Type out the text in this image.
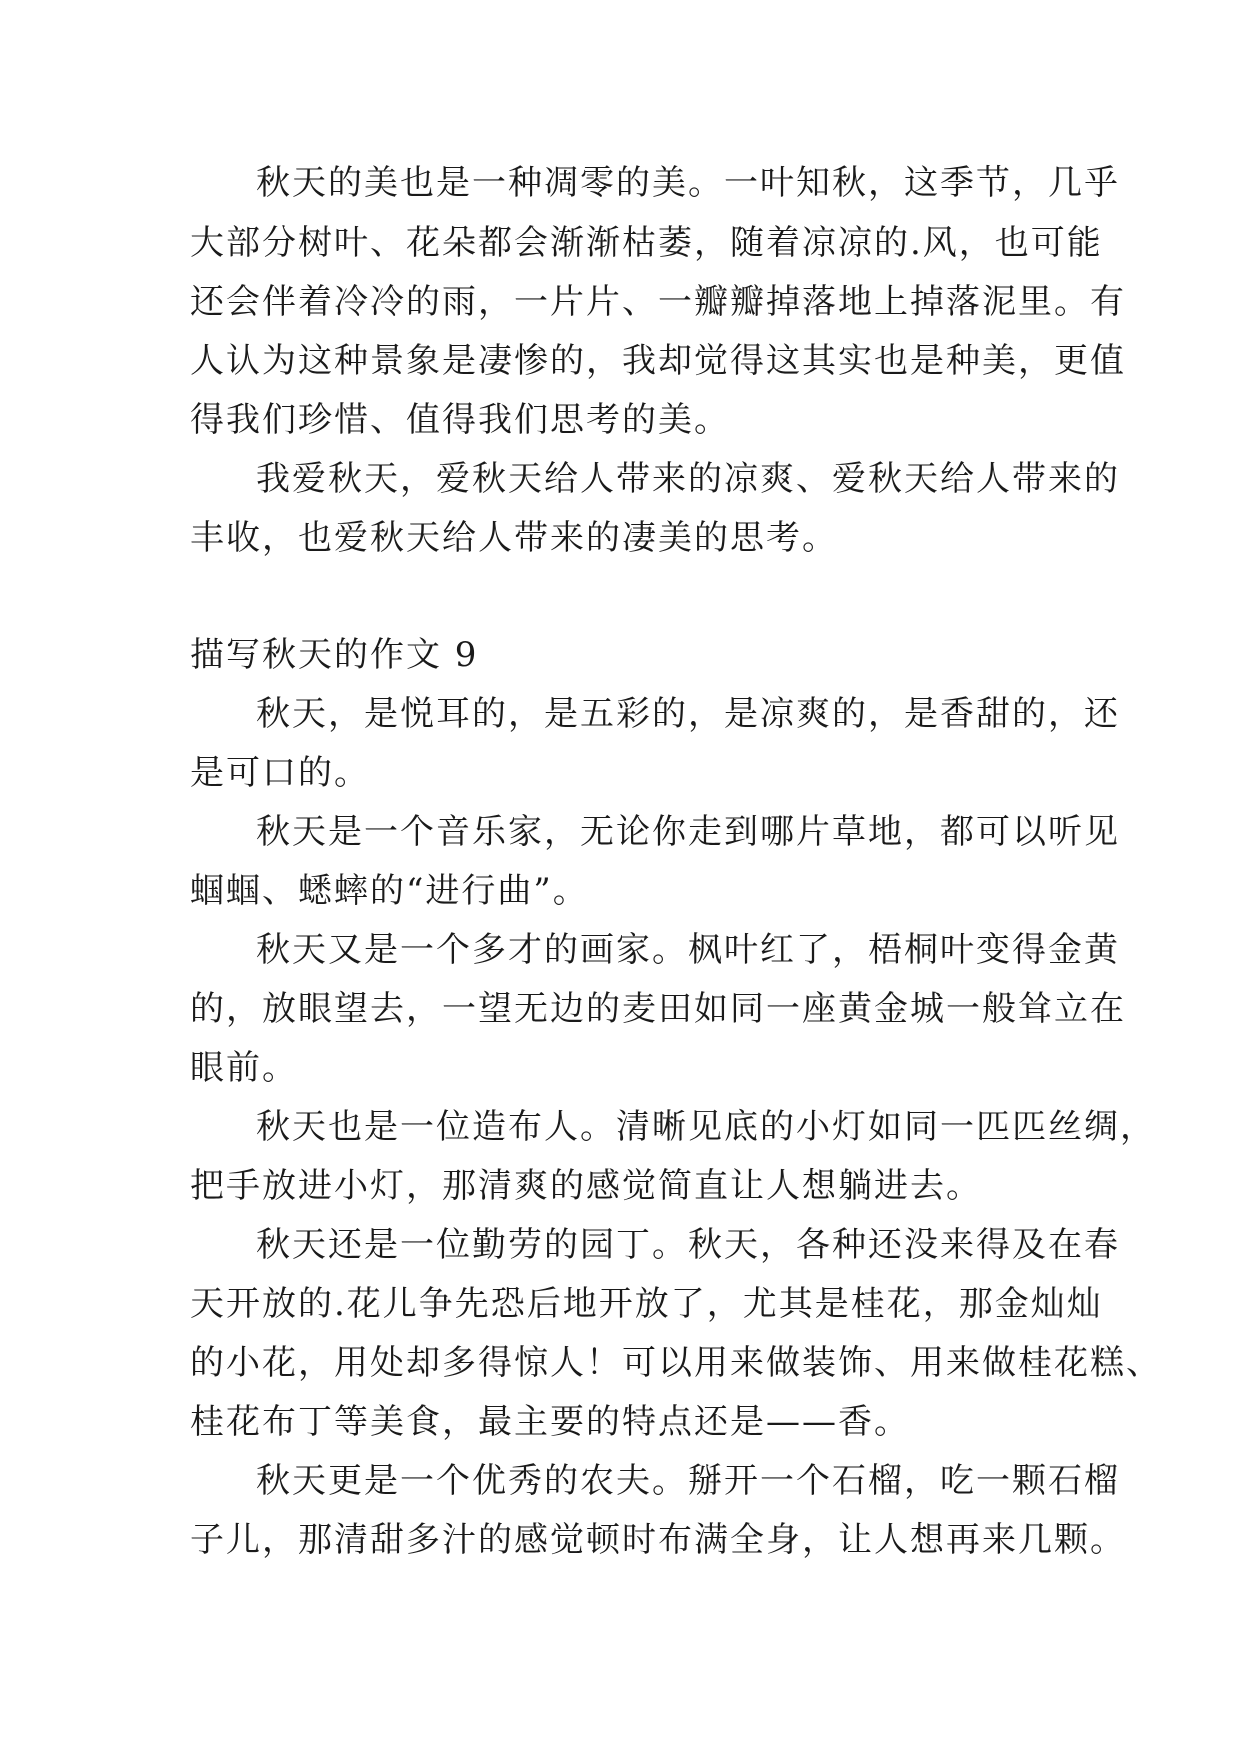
秋天的美也是一种凋零的美。一叶知秋，这季节，几乎
大部分树叶、花朵都会渐渐枯萎，随着凉凉的.风，也可能
还会伴着冷冷的雨，一片片、一瓣瓣掉落地上掉落泥里。有
人认为这种景象是凄惨的，我却觉得这其实也是种美，更值
得我们珍惜、值得我们思考的美。
我爱秋天，爱秋天给人带来的凉爽、爱秋天给人带来的
丰收，也爱秋天给人带来的凄美的思考。
描写秋天的作文 9
秋天，是悦耳的，是五彩的，是凉爽的，是香甜的，还
是可口的。
秋天是一个音乐家，无论你走到哪片草地，都可以听见
蝈蝈、蟋蟀的“进行曲”。
秋天又是一个多才的画家。枫叶红了，梧桐叶变得金黄
的，放眼望去，一望无边的麦田如同一座黄金城一般耸立在
眼前。
秋天也是一位造布人。清晰见底的小灯如同一匹匹丝绸，
把手放进小灯，那清爽的感觉简直让人想躺进去。
秋天还是一位勤劳的园丁。秋天，各种还没来得及在春
天开放的.花儿争先恐后地开放了，尤其是桂花，那金灿灿
的小花，用处却多得惊人！可以用来做装饰、用来做桂花糕、
桂花布丁等美食，最主要的特点还是——香。
秋天更是一个优秀的农夫。掰开一个石榴，吃一颗石榴
子儿，那清甜多汁的感觉顿时布满全身，让人想再来几颗。
